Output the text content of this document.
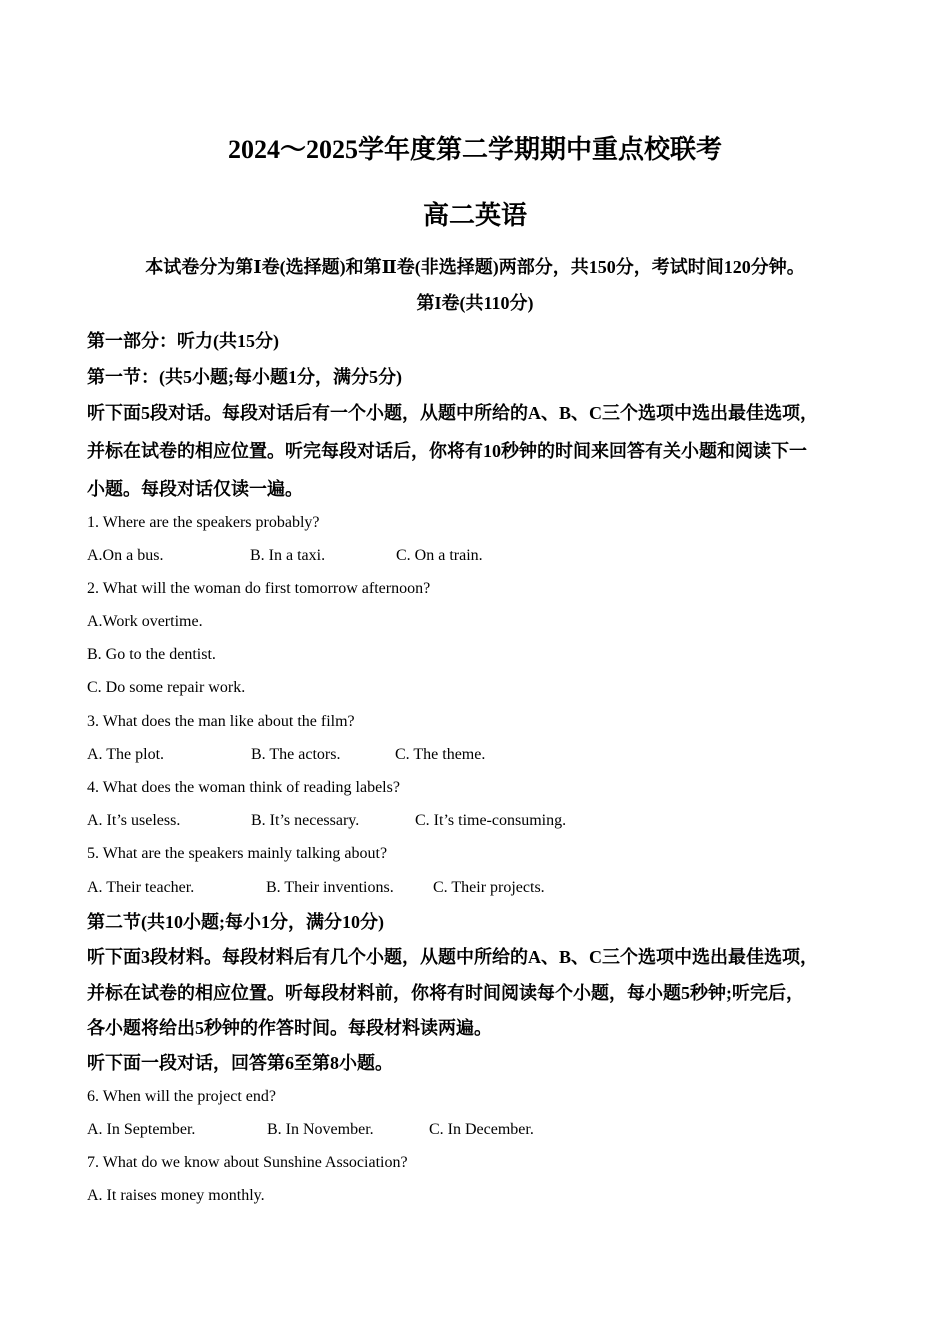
2024～2025学年度第二学期期中重点校联考
高二英语
本试卷分为第Ⅰ卷(选择题)和第Ⅱ卷(非选择题)两部分，共150分，考试时间120分钟。
第I卷(共110分)
第一部分：听力(共15分)
第一节：(共5小题;每小题1分，满分5分)
听下面5段对话。每段对话后有一个小题，从题中所给的A、B、C三个选项中选出最佳选项，
并标在试卷的相应位置。听完每段对话后，你将有10秒钟的时间来回答有关小题和阅读下一
小题。每段对话仅读一遍。
1. Where are the speakers probably?
A.On a bus.	B. In a taxi.	C. On a train.
2. What will the woman do first tomorrow afternoon?
A.Work overtime.
B. Go to the dentist.
C. Do some repair work.
3. What does the man like about the film?
A. The plot.	B. The actors.	C. The theme.
4. What does the woman think of reading labels?
A. It’s useless.	B. It’s necessary.	C. It’s time-consuming.
5. What are the speakers mainly talking about?
A. Their teacher.	B. Their inventions. C. Their projects.
第二节(共10小题;每小1分，满分10分)
听下面3段材料。每段材料后有几个小题，从题中所给的A、B、C三个选项中选出最佳选项，
并标在试卷的相应位置。听每段材料前，你将有时间阅读每个小题，每小题5秒钟;听完后，
各小题将给出5秒钟的作答时间。每段材料读两遍。
听下面一段对话，回答第6至第8小题。
6. When will the project end?
A. In September.	B. In November.	C. In December.
7. What do we know about Sunshine Association?
A. It raises money monthly.
